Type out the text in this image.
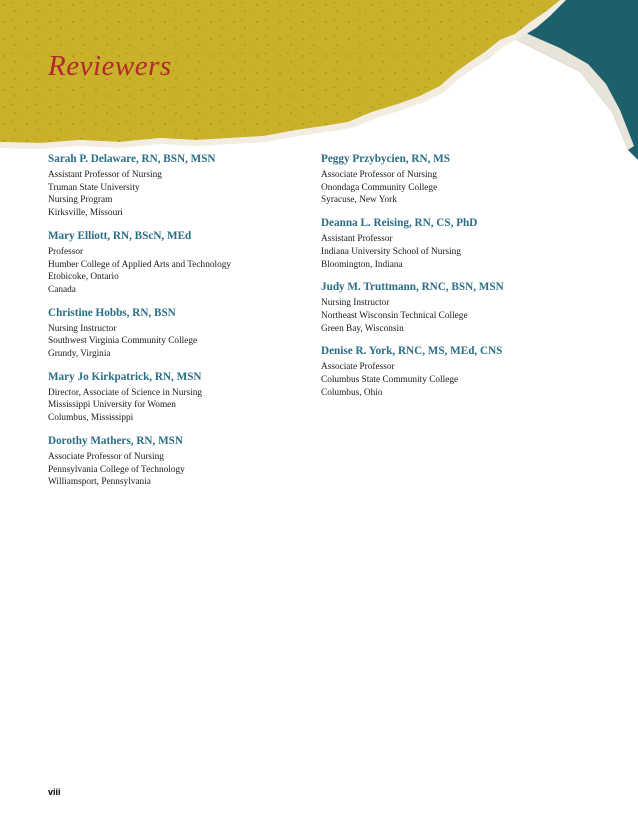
Reviewers
Sarah P. Delaware, RN, BSN, MSN
Assistant Professor of Nursing
Truman State University
Nursing Program
Kirksville, Missouri
Mary Elliott, RN, BScN, MEd
Professor
Humber College of Applied Arts and Technology
Etobicoke, Ontario
Canada
Christine Hobbs, RN, BSN
Nursing Instructor
Southwest Virginia Community College
Grundy, Virginia
Mary Jo Kirkpatrick, RN, MSN
Director, Associate of Science in Nursing
Mississippi University for Women
Columbus, Mississippi
Dorothy Mathers, RN, MSN
Associate Professor of Nursing
Pennsylvania College of Technology
Williamsport, Pennsylvania
Peggy Przybycien, RN, MS
Associate Professor of Nursing
Onondaga Community College
Syracuse, New York
Deanna L. Reising, RN, CS, PhD
Assistant Professor
Indiana University School of Nursing
Bloomington, Indiana
Judy M. Truttmann, RNC, BSN, MSN
Nursing Instructor
Northeast Wisconsin Technical College
Green Bay, Wisconsin
Denise R. York, RNC, MS, MEd, CNS
Associate Professor
Columbus State Community College
Columbus, Ohio
viii
